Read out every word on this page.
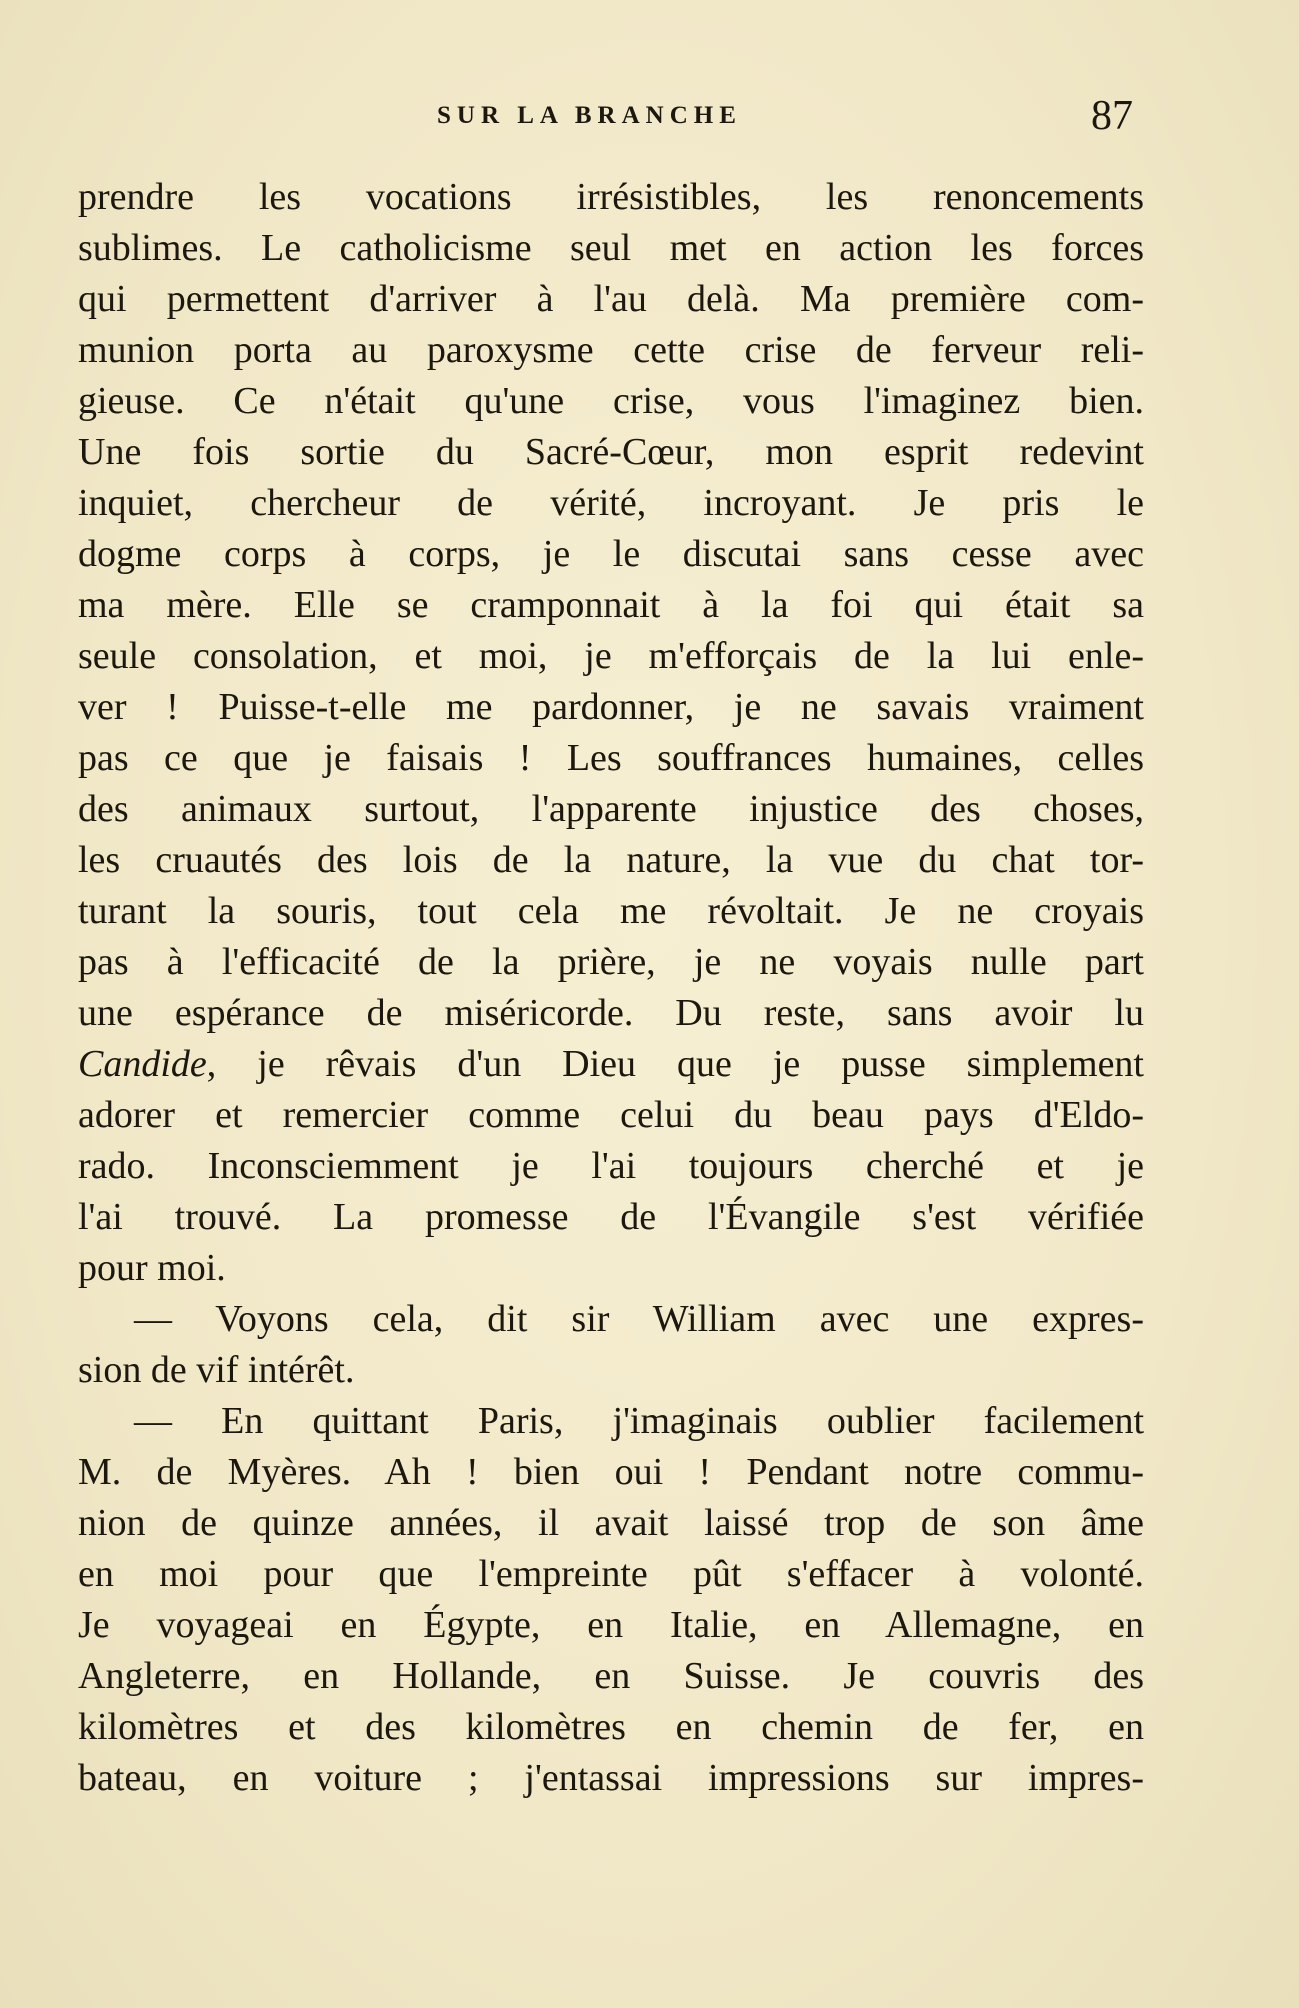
SUR LA BRANCHE	87
prendre les vocations irrésistibles, les renoncements
sublimes. Le catholicisme seul met en action les forces
qui permettent d'arriver à l'au delà. Ma première com-
munion porta au paroxysme cette crise de ferveur reli-
gieuse. Ce n'était qu'une crise, vous l'imaginez bien.
Une fois sortie du Sacré-Cœur, mon esprit redevint
inquiet, chercheur de vérité, incroyant. Je pris le
dogme corps à corps, je le discutai sans cesse avec
ma mère. Elle se cramponnait à la foi qui était sa
seule consolation, et moi, je m'efforçais de la lui enle-
ver ! Puisse-t-elle me pardonner, je ne savais vraiment
pas ce que je faisais ! Les souffrances humaines, celles
des animaux surtout, l'apparente injustice des choses,
les cruautés des lois de la nature, la vue du chat tor-
turant la souris, tout cela me révoltait. Je ne croyais
pas à l'efficacité de la prière, je ne voyais nulle part
une espérance de miséricorde. Du reste, sans avoir lu
Candide, je rêvais d'un Dieu que je pusse simplement
adorer et remercier comme celui du beau pays d'Eldo-
rado. Inconsciemment je l'ai toujours cherché et je
l'ai trouvé. La promesse de l'Évangile s'est vérifiée
pour moi.
— Voyons cela, dit sir William avec une expres-
sion de vif intérêt.
— En quittant Paris, j'imaginais oublier facilement
M. de Myères. Ah ! bien oui ! Pendant notre commu-
nion de quinze années, il avait laissé trop de son âme
en moi pour que l'empreinte pût s'effacer à volonté.
Je voyageai en Égypte, en Italie, en Allemagne, en
Angleterre, en Hollande, en Suisse. Je couvris des
kilomètres et des kilomètres en chemin de fer, en
bateau, en voiture ; j'entassai impressions sur impres-
